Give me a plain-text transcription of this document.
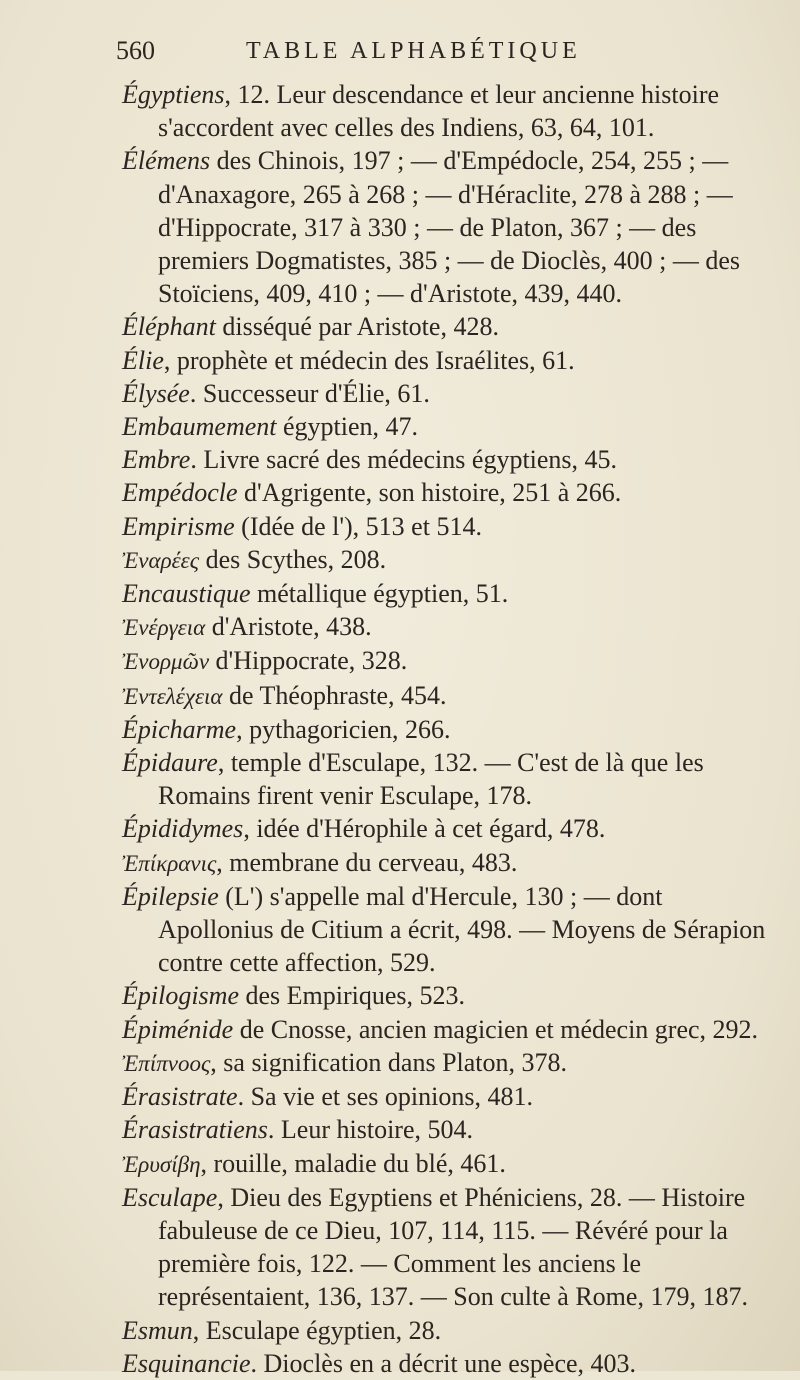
560	TABLE ALPHABÉTIQUE

Égyptiens, 12. Leur descendance et leur ancienne histoire s'accordent avec celles des Indiens, 63, 64, 101.

Élémens des Chinois, 197 ; — d'Empédocle, 254, 255 ; — d'Anaxagore, 265 à 268 ; — d'Héraclite, 278 à 288 ; — d'Hippocrate, 317 à 330 ; — de Platon, 367 ; — des premiers Dogmatistes, 385 ; — de Dioclès, 400 ; — des Stoïciens, 409, 410 ; — d'Aristote, 439, 440.

Éléphant disséqué par Aristote, 428.

Élie, prophète et médecin des Israélites, 61.

Élysée. Successeur d'Élie, 61.

Embaumement égyptien, 47.

Embre. Livre sacré des médecins égyptiens, 45.

Empédocle d'Agrigente, son histoire, 251 à 266.

Empirisme (Idée de l'), 513 et 514.

Ἐναρέες des Scythes, 208.

Encaustique métallique égyptien, 51.

Ἐνέργεια d'Aristote, 438.

Ἐνορμῶν d'Hippocrate, 328.

Ἐντελέχεια de Théophraste, 454.

Épicharme, pythagoricien, 266.

Épidaure, temple d'Esculape, 132. — C'est de là que les Romains firent venir Esculape, 178.

Épididymes, idée d'Hérophile à cet égard, 478.

Ἐπίκρανις, membrane du cerveau, 483.

Épilepsie (L') s'appelle mal d'Hercule, 130 ; — dont Apollonius de Citium a écrit, 498. — Moyens de Sérapion contre cette affection, 529.

Épilogisme des Empiriques, 523.

Épiménide de Cnosse, ancien magicien et médecin grec, 292.

Ἐπίπνοος, sa signification dans Platon, 378.

Érasistrate. Sa vie et ses opinions, 481.

Érasistratiens. Leur histoire, 504.

Ἐρυσίβη, rouille, maladie du blé, 461.

Esculape, Dieu des Egyptiens et Phéniciens, 28. — Histoire fabuleuse de ce Dieu, 107, 114, 115. — Révéré pour la première fois, 122. — Comment les anciens le représentaient, 136, 137. — Son culte à Rome, 179, 187.

Esmun, Esculape égyptien, 28.

Esquinancie. Dioclès en a décrit une espèce, 403.
